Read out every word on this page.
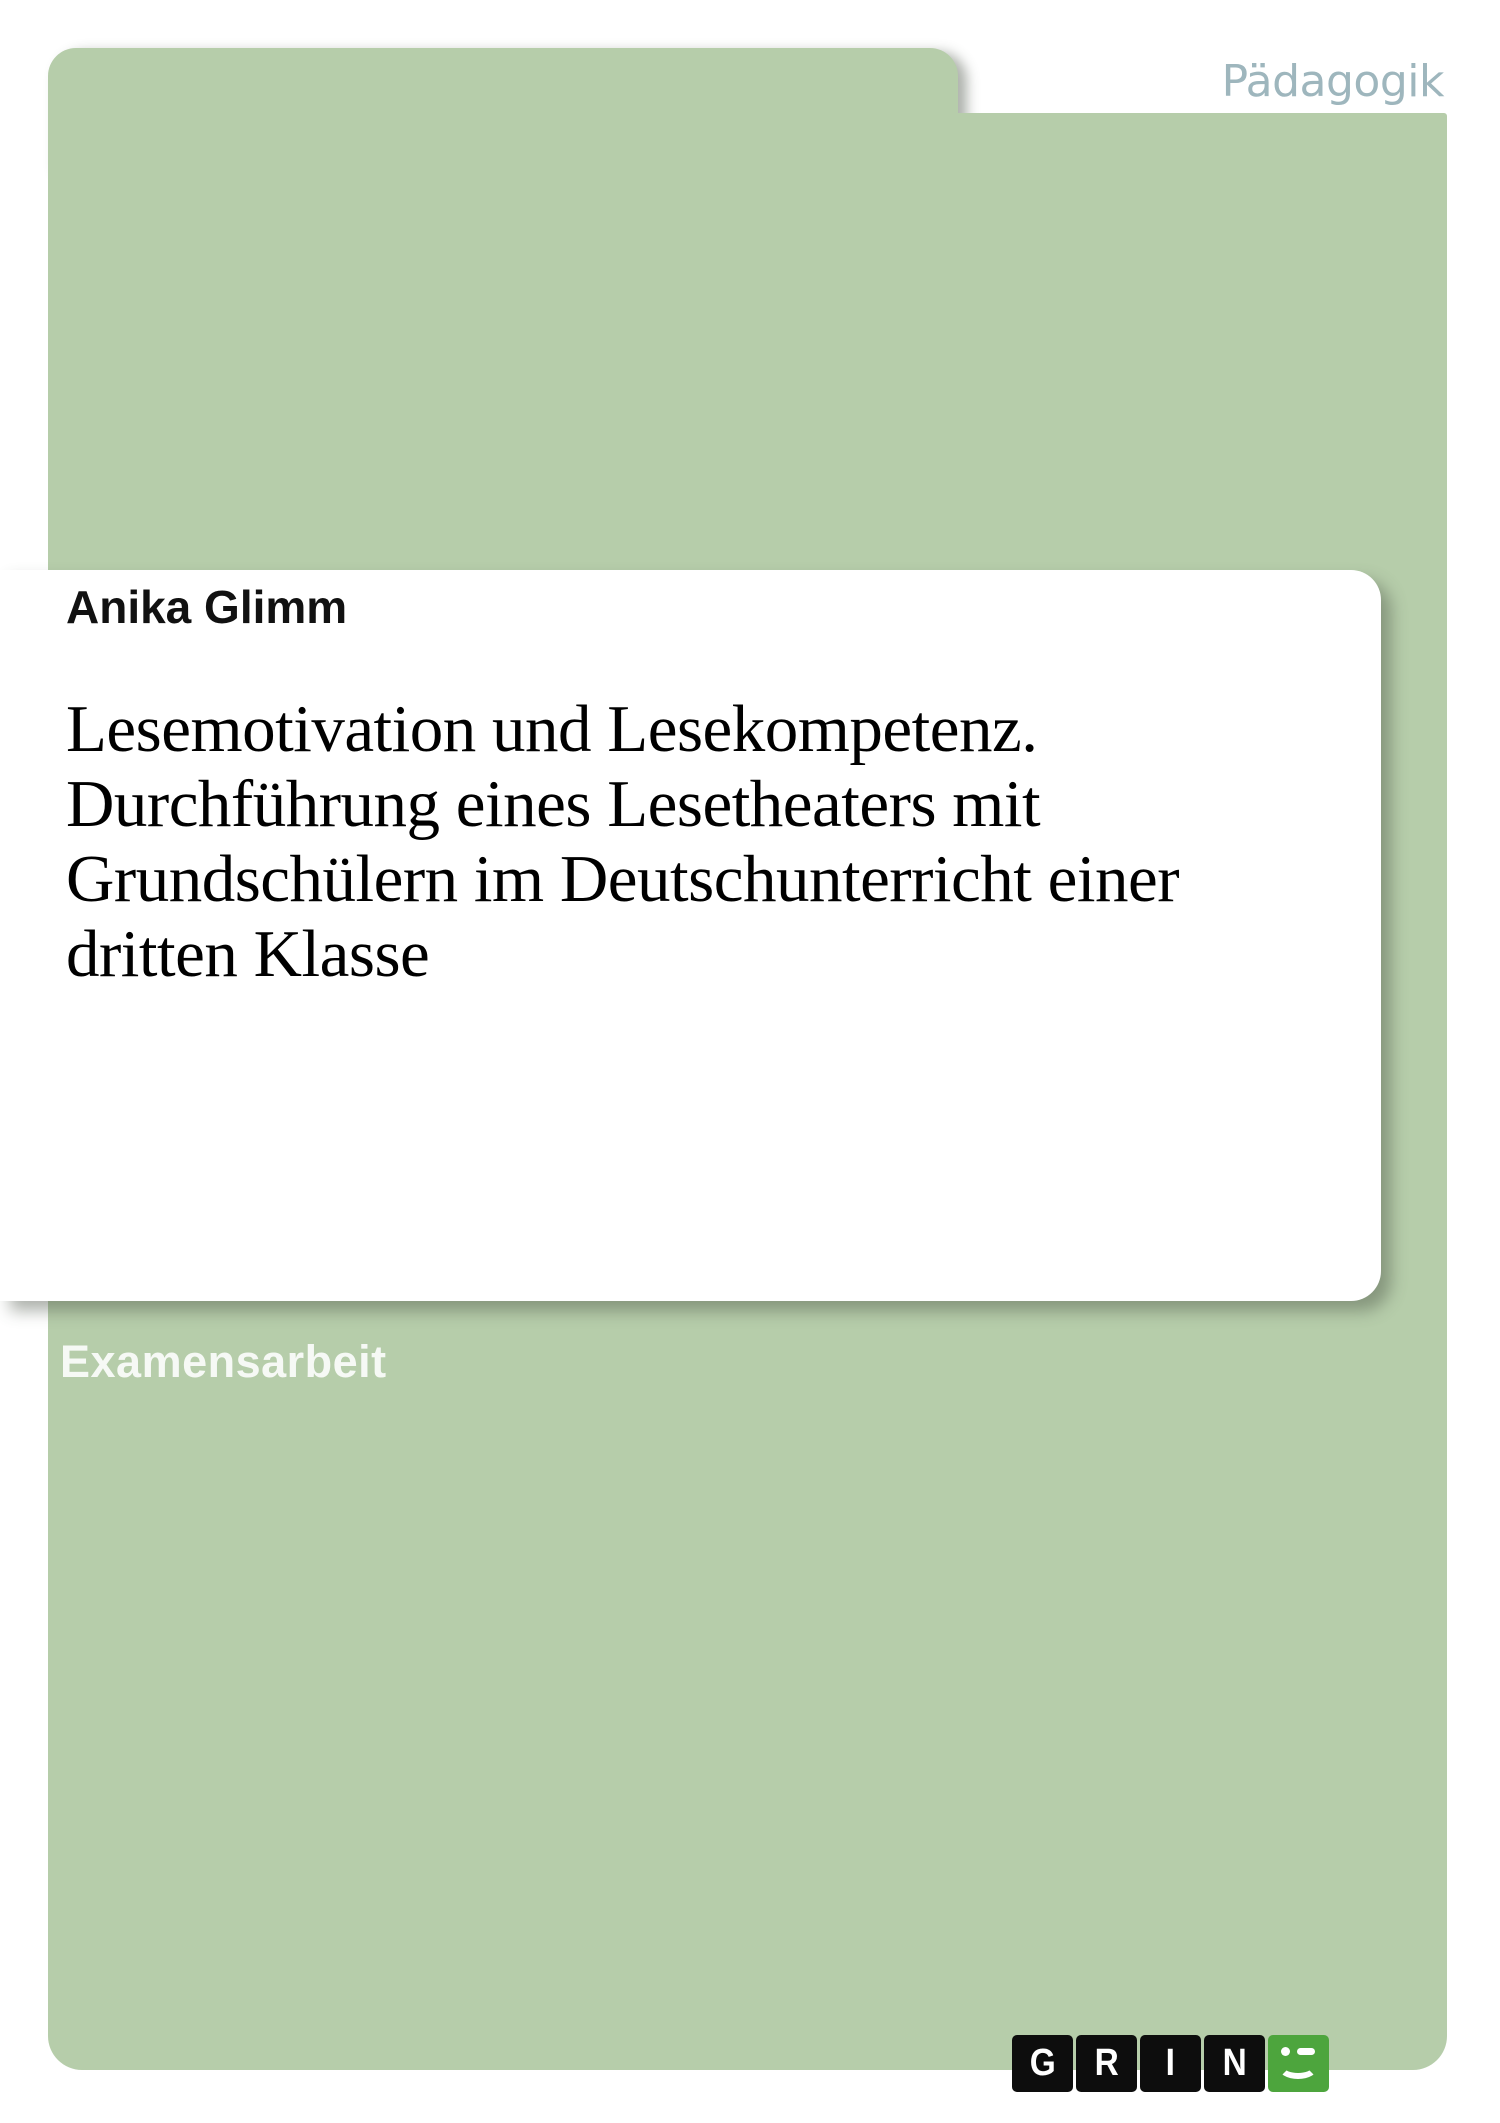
Pädagogik
Anika Glimm
Lesemotivation und Lesekompetenz.
Durchführung eines Lesetheaters mit
Grundschülern im Deutschunterricht einer
dritten Klasse
Examensarbeit
G R I N
